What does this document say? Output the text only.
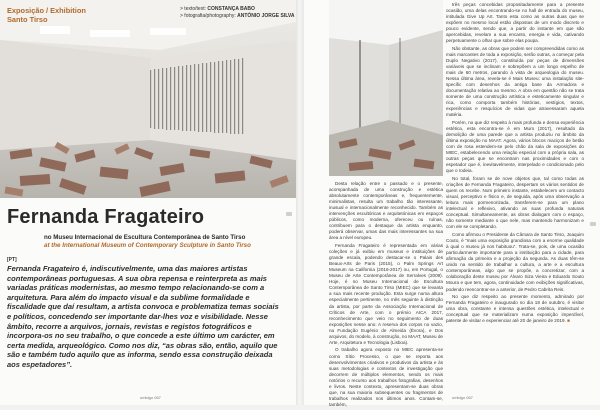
Exposição / Exhibition
Santo Tirso
> texto/text: CONSTANÇA BABO
> fotografia/photography: ANTÓNIO JORGE SILVA
Fernanda Fragateiro
no Museu Internacional de Escultura Contemporânea de Santo Tirso
at the International Museum of Contemporary Sculpture in Santo Tirso
[PT]

Fernanda Fragateiro é, indiscutivelmente, uma das maiores artistas contemporâneas portuguesas. A sua obra repensa e reinterpreta as mais variadas práticas modernistas, ao mesmo tempo relacionando-se com a arquitetura. Para além do impacto visual e da sublime formalidade e fiscalidade que daí resultam, a artista convoca e problematiza temas sociais e políticos, concedendo ser importante dar-lhes voz e visibilidade. Nesse âmbito, recorre a arquivos, jornais, revistas e registos fotográficos e incorpora-os no seu trabalho, o que concede a este último um carácter, em certa medida, arqueológico. Como nos diz, “as obras são, então, aquilo que são e também tudo aquilo que as informa, sendo essa construção deixada aos espetadores”.

umbigo 067

Desta relação entre o passado e o presente, acompanhada de uma construção e estética absolutamente contemporâneas e, frequentemente, minimalistas, resulta um trabalho tão interessante, inusual e internacionalmente reconhecido. Também as intervenções escultóricas e arquitetónicas em espaços públicos, como moderna, ofereceu ou ruínas, contribuem para o destaque da artista enquanto, poderá observar, umas das mais interessantes na sua área a nível europeu.

Fernanda Fragateiro é representada em várias coleções e já exibiu em museus e instituições de grande escala, podendo destacar-se o Palais des Beaux-Arts de Paris (2015), o Palm Springs Art Museum na California (2016-2017) ou, em Portugal, o Museu de Arte Contemporânea de Serralves (2009). Hoje, é no Museu Internacional de Escultura Contemporânea de Santo Tirso (MIEC) que se levanta a sua mais recente produção. Esta surge numa altura especialmente pertinente, no mês seguinte à distinção da artista, por parte da Associação Internacional de Críticos de Arte, com o prémio AICA 2017, reconhecimento que veio no seguimento de duas exposições nesse ano: A reserva dos corpos no vazio, na Fundação Eugénio de Almeida (Évora), e Dos arquivos, do modelo, à construção, no MAAT, Museu de Arte, Arquitetura e Tecnologia (Lisboa).

O trabalho agora exposto no MIEC apresenta-se como Sítio Processo, o que se reporta aos desenvolvimentos criativos e produtivos da artista e às suas metodologias e contextos de investigação que decorrem de múltiplos elementos, sendo os mais notórios o recurso aos trabalhos fotografias, desenhos e livros. Neste contexto, apresentam-se duas obras que, na sua maioria subsequentes ou fragmentos de trabalhos realizados nos últimos anos. Contam-se, também,

três peças concebidas propositadamente para a presente ocasião, uma delas encontrando-se no hall de entrada do museu, intitulada Give Up Art. Tanto esta como as outras duas que se expõem no mesmo local estão dispostas de um modo discreto e pouco evidente, sendo que, a partir do instante em que são apercebidas, revelam a sua encanto, energia e vida, cativando perpetuamente o olhar que sobre elas poupa.

Não obstante, as obras que podem ser compreendidas como as mais marcantes de toda a exposição, serão outras, a começar pela Duplo Negativo (2017), constituída por peças de dimensões variáveis que se inclinam e sobrepõem a um longo espelho de mais de 60 metros, parando à vista de arqueologia do museu. Nessa última área, revela-se é Mais Museu: uma instalação site-specific com desenhos da antiga base da Armadora e documentação relativa ao mesmo. A obra em questão não se trata somente de uma construção artística e esteticamente singular e rica, como comporta também histórias, vestígios, textos, experiências e resquícios de vidas que atravessaram aquela matéria.

Porém, no que diz respeito à mais profunda e densa experiência estética, esta encontra-se é em Muro (2017), resultado da demolição de uma parede que a artista produziu no âmbito da última exposição no MAAT. Agora, vários blocos maciços de betão com de rosa estendem-se pelo chão da sala de exposições do MIEC, estabelecendo uma relação especial com a própria sala, as outras peças que se encontram nas proximidades e com o espetador que é, inevitavelmente, interpelado e condicionado pelo que o rodeia.

No total, foram se de nove objetos que, tal como todas as criações de Fernanda Fragateiro, despertam os vários sentidos de quem os recebe. Num primeiro instante, estabelecem um contacto visual, perceptivo e físico e, de seguida, após uma observação a leitura mais pormenorizada, transferem-se para um plano intelectual e reflexivo, ativando as suas profunda naturais conceptual. Simultaneamente, as obras dialogam com o espaço, não somente mediante o que nele, mas mantendo harmonizam e com ele se completando.

Como afirmou o Presidente da Câmara de Santo Tirso, Joaquim Couto, é “mais uma exposição grandiosa com a enorme qualidade à qual o museu já nos habituou”. Trata-se, pois, de uma ocasião particularmente importante para a instituição para a cidade, para afirmação da primeira e a projeção da segunda. As duas têm-se unido na sentido de trabalhar a cultura, a arte e a escultura contemporâneas, algo que se propõe, a concretizar, com a colaboração deste museu por Álvaro Siza Vieira e Eduardo Souto Moura e que tem, agora, continuidade com exibições significativas, podendo reencontrar-se a anterior, de Pedro Cabrita Reis.

No que diz respeito ao presente momento, admirado por Fernanda Fragateiro e inaugurado no dia 18 de outubro, é visitar uma obra, constante e intensa questões estética, intelectual e conceptual que se materializam numa exposição imperdível, patente de visitar e experienciar até 20 de janeiro de 2019. ■

umbigo 067
